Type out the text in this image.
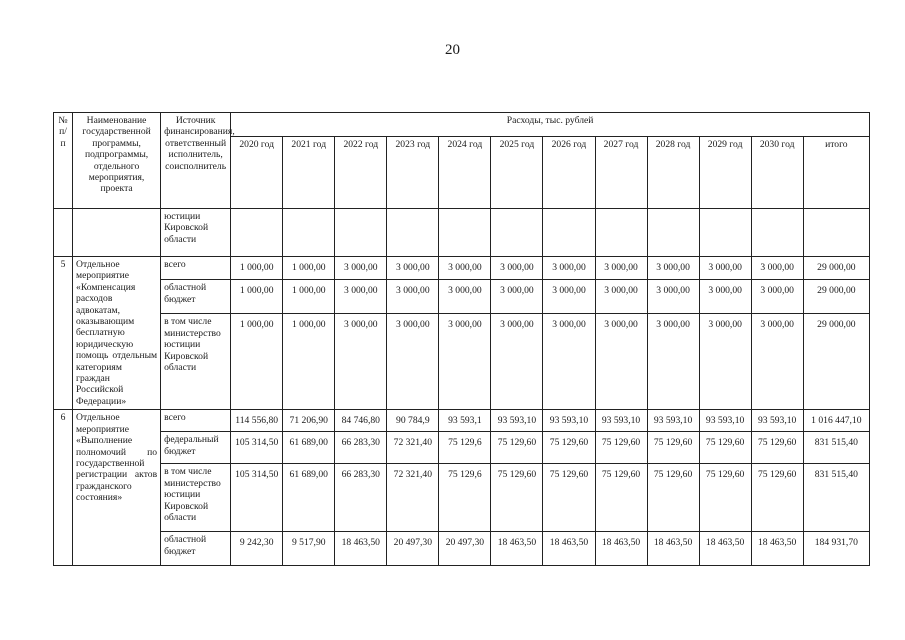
20
№ п/п	Наименование государственной программы, подпрограммы, отдельного мероприятия, проекта	Источник финансирования, ответственный исполнитель, соисполнитель	Расходы, тыс. рублей											
			2020 год	2021 год	2022 год	2023 год	2024 год	2025 год	2026 год	2027 год	2028 год	2029 год	2030 год	итого
		юстиции Кировской области												
5	Отдельное мероприятие «Компенсация расходов адвокатам, оказывающим бесплатную юридическую помощь отдельным категориям граждан Российской Федерации»	всего	1 000,00	1 000,00	3 000,00	3 000,00	3 000,00	3 000,00	3 000,00	3 000,00	3 000,00	3 000,00	3 000,00	29 000,00
		областной бюджет	1 000,00	1 000,00	3 000,00	3 000,00	3 000,00	3 000,00	3 000,00	3 000,00	3 000,00	3 000,00	3 000,00	29 000,00
		в том числе министерство юстиции Кировской области	1 000,00	1 000,00	3 000,00	3 000,00	3 000,00	3 000,00	3 000,00	3 000,00	3 000,00	3 000,00	3 000,00	29 000,00
6	Отдельное мероприятие «Выполнение полномочий по государственной регистрации актов гражданского состояния»	всего	114 556,80	71 206,90	84 746,80	90 784,9	93 593,1	93 593,10	93 593,10	93 593,10	93 593,10	93 593,10	93 593,10	1 016 447,10
		федеральный бюджет	105 314,50	61 689,00	66 283,30	72 321,40	75 129,6	75 129,60	75 129,60	75 129,60	75 129,60	75 129,60	75 129,60	831 515,40
		в том числе министерство юстиции Кировской области	105 314,50	61 689,00	66 283,30	72 321,40	75 129,6	75 129,60	75 129,60	75 129,60	75 129,60	75 129,60	75 129,60	831 515,40
		областной бюджет	9 242,30	9 517,90	18 463,50	20 497,30	20 497,30	18 463,50	18 463,50	18 463,50	18 463,50	18 463,50	18 463,50	184 931,70
